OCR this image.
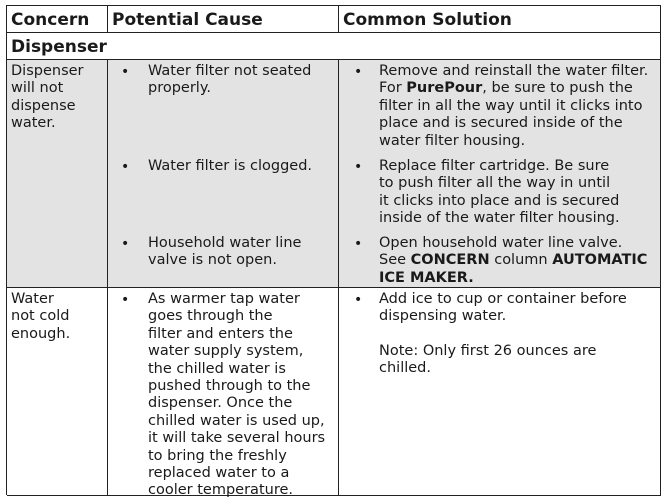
Concern	Potential Cause	Common Solution
Dispenser
Dispenser
will not
dispense
water.
• Water filter not seated
properly.
• Water filter is clogged.
• Household water line
valve is not open.
• Remove and reinstall the water filter.
For PurePour, be sure to push the
filter in all the way until it clicks into
place and is secured inside of the
water filter housing.
• Replace filter cartridge. Be sure
to push filter all the way in until
it clicks into place and is secured
inside of the water filter housing.
• Open household water line valve.
See CONCERN column AUTOMATIC
ICE MAKER.
Water
not cold
enough.
• As warmer tap water
goes through the
filter and enters the
water supply system,
the chilled water is
pushed through to the
dispenser. Once the
chilled water is used up,
it will take several hours
to bring the freshly
replaced water to a
cooler temperature.
• Add ice to cup or container before
dispensing water.
Note: Only first 26 ounces are
chilled.
